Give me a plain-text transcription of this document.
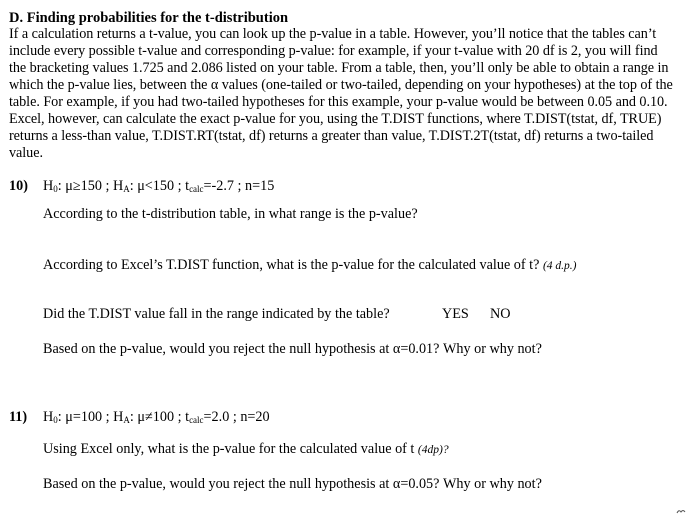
D. Finding probabilities for the t-distribution
If a calculation returns a t-value, you can look up the p-value in a table. However, you’ll notice that the tables can’t include every possible t-value and corresponding p-value: for example, if your t-value with 20 df is 2, you will find the bracketing values 1.725 and 2.086 listed on your table. From a table, then, you’ll only be able to obtain a range in which the p-value lies, between the α values (one-tailed or two-tailed, depending on your hypotheses) at the top of the table. For example, if you had two-tailed hypotheses for this example, your p-value would be between 0.05 and 0.10. Excel, however, can calculate the exact p-value for you, using the T.DIST functions, where T.DIST(tstat, df, TRUE) returns a less-than value, T.DIST.RT(tstat, df) returns a greater than value, T.DIST.2T(tstat, df) returns a two-tailed value.
10) $H_0$: μ≥150 ; $H_A$: μ<150 ; $t_{calc}=-2.7$ ; n=15
According to the t-distribution table, in what range is the p-value?
According to Excel’s T.DIST function, what is the p-value for the calculated value of t? (4 d.p.)
Did the T.DIST value fall in the range indicated by the table?	YES NO
Based on the p-value, would you reject the null hypothesis at α=0.01? Why or why not?
11) $H_0$: μ=100 ; $H_A$: μ≠100 ; $t_{calc}=2.0$ ; n=20
Using Excel only, what is the p-value for the calculated value of t (4dp)?
Based on the p-value, would you reject the null hypothesis at α=0.05? Why or why not?
